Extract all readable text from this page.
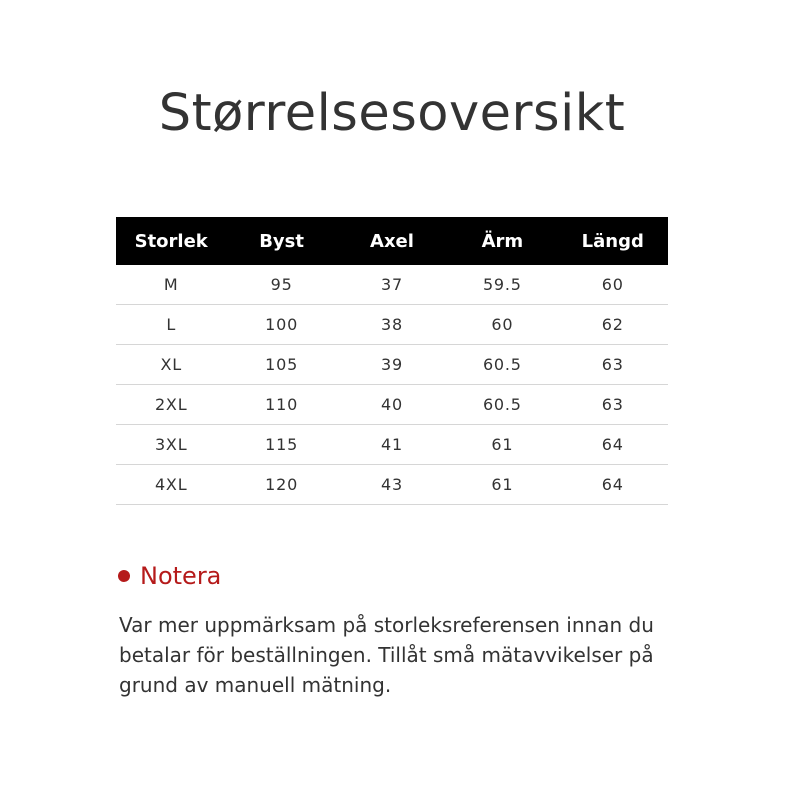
Størrelsesoversikt
Storlek	Byst	Axel	Ärm	Längd
M	95	37	59.5	60
L	100	38	60	62
XL	105	39	60.5	63
2XL	110	40	60.5	63
3XL	115	41	61	64
4XL	120	43	61	64
Notera
Var mer uppmärksam på storleksreferensen innan du betalar för beställningen. Tillåt små mätavvikelser på grund av manuell mätning.
